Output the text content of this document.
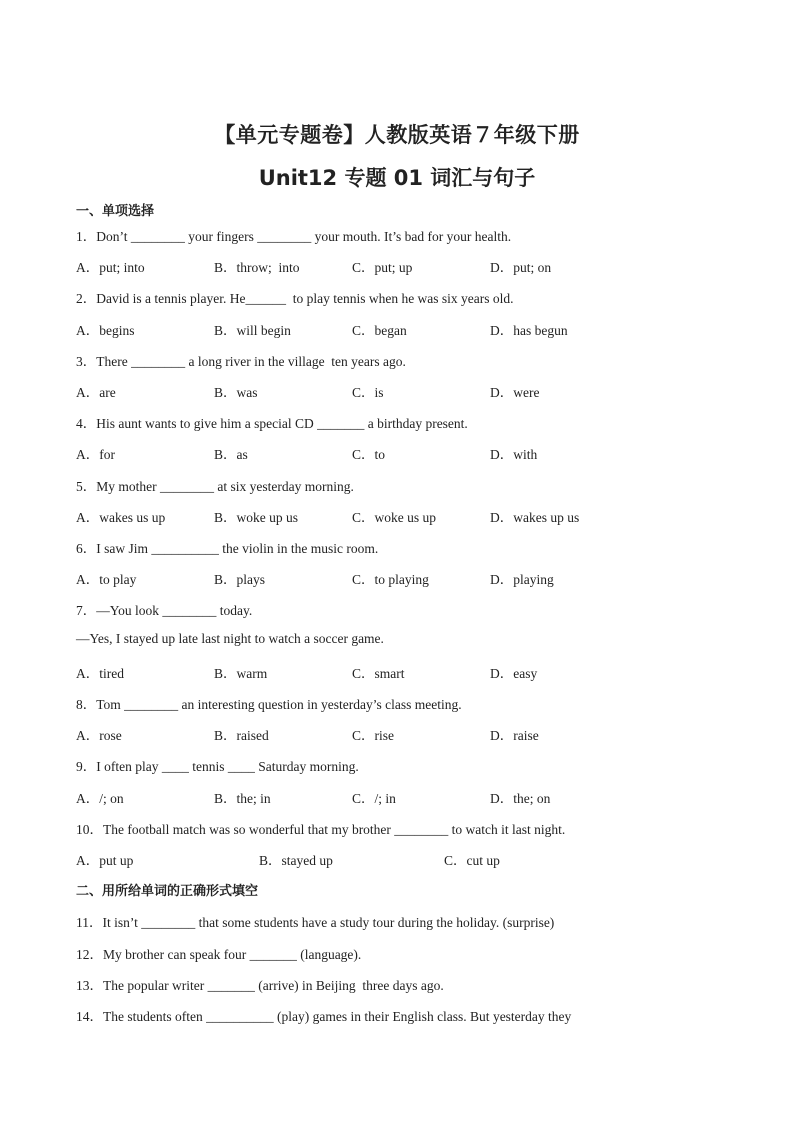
【单元专题卷】人教版英语７年级下册
Unit12 专题 01 词汇与句子
一、单项选择
1．Don’t ________ your fingers ________ your mouth. It’s bad for your health.
A．put; into	B．throw;  into	C．put; up	D．put; on
2．David is a tennis player. He______  to play tennis when he was six years old.
A．begins	B．will begin	C．began	D．has begun
3．There ________ a long river in the village  ten years ago.
A．are	B．was	C．is	D．were
4．His aunt wants to give him a special CD _______ a birthday present.
A．for	B．as	C．to	D．with
5．My mother ________ at six yesterday morning.
A．wakes us up	B．woke up us	C．woke us up	D．wakes up us
6．I saw Jim __________ the violin in the music room.
A．to play	B．plays	C．to playing	D．playing
7．—You look ________ today.
—Yes, I stayed up late last night to watch a soccer game.
A．tired	B．warm	C．smart	D．easy
8．Tom ________ an interesting question in yesterday’s class meeting.
A．rose	B．raised	C．rise	D．raise
9．I often play ____ tennis ____ Saturday morning.
A．/; on	B．the; in	C．/; in	D．the; on
10．The football match was so wonderful that my brother ________ to watch it last night.
A．put up	B．stayed up	C．cut up
二、用所给单词的正确形式填空
11．It isn’t ________ that some students have a study tour during the holiday. (surprise)
12．My brother can speak four _______ (language).
13．The popular writer _______ (arrive) in Beijing  three days ago.
14．The students often __________ (play) games in their English class. But yesterday they
